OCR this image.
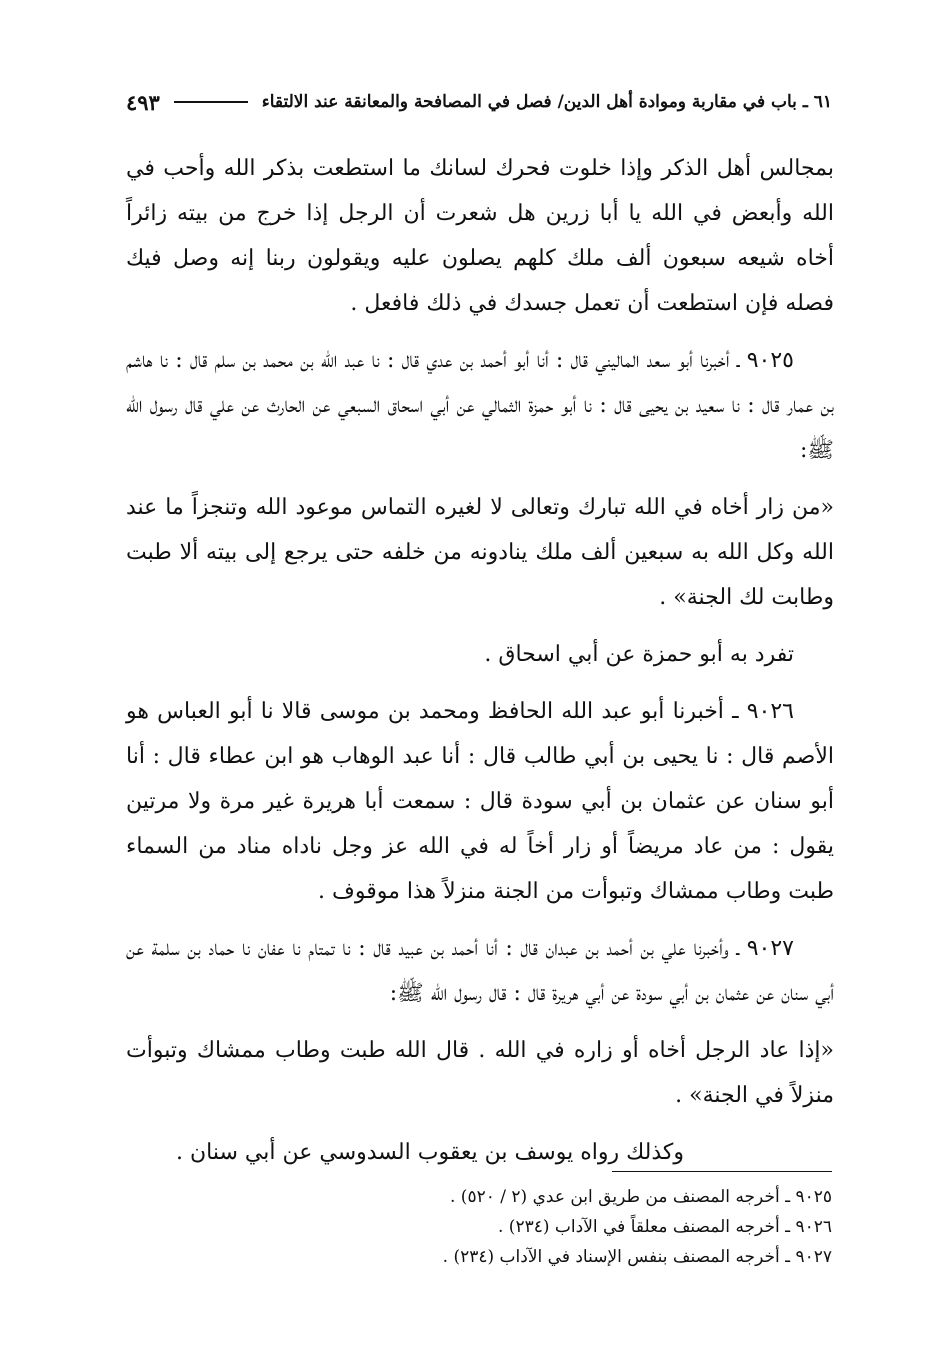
٦١ ـ باب في مقاربة وموادة أهل الدين/ فصل في المصافحة والمعانقة عند الالتقاء
٤٩٣

بمجالس أهل الذكر وإذا خلوت فحرك لسانك ما استطعت بذكر الله وأحب في الله وأبعض في الله يا أبا زرين هل شعرت أن الرجل إذا خرج من بيته زائراً أخاه شيعه سبعون ألف ملك كلهم يصلون عليه ويقولون ربنا إنه وصل فيك فصله فإن استطعت أن تعمل جسدك في ذلك فافعل .

٩٠٢٥ ـ أخبرنا أبو سعد الماليني قال : أنا أبو أحمد بن عدي قال : نا عبد الله بن محمد بن سلم قال : نا هاشم بن عمار قال : نا سعيد بن يحيى قال : نا أبو حمزة الثمالي عن أبي اسحاق السبعي عن الحارث عن علي قال رسول الله ﷺ:

«من زار أخاه في الله تبارك وتعالى لا لغيره التماس موعود الله وتنجزاً ما عند الله وكل الله به سبعين ألف ملك ينادونه من خلفه حتى يرجع إلى بيته ألا طبت وطابت لك الجنة» .

تفرد به أبو حمزة عن أبي اسحاق .

٩٠٢٦ ـ أخبرنا أبو عبد الله الحافظ ومحمد بن موسى قالا نا أبو العباس هو الأصم قال : نا يحيى بن أبي طالب قال : أنا عبد الوهاب هو ابن عطاء قال : أنا أبو سنان عن عثمان بن أبي سودة قال : سمعت أبا هريرة غير مرة ولا مرتين يقول : من عاد مريضاً أو زار أخاً له في الله عز وجل ناداه مناد من السماء طبت وطاب ممشاك وتبوأت من الجنة منزلاً هذا موقوف .

٩٠٢٧ ـ وأخبرنا علي بن أحمد بن عبدان قال : أنا أحمد بن عبيد قال : نا تمتام نا عفان نا حماد بن سلمة عن أبي سنان عن عثمان بن أبي سودة عن أبي هريرة قال : قال رسول الله ﷺ:

«إذا عاد الرجل أخاه أو زاره في الله . قال الله طبت وطاب ممشاك وتبوأت منزلاً في الجنة» .

وكذلك رواه يوسف بن يعقوب السدوسي عن أبي سنان .

٩٠٢٥ ـ أخرجه المصنف من طريق ابن عدي (٢ / ٥٢٠) .
٩٠٢٦ ـ أخرجه المصنف معلقاً في الآداب (٢٣٤) .
٩٠٢٧ ـ أخرجه المصنف بنفس الإسناد في الآداب (٢٣٤) .
